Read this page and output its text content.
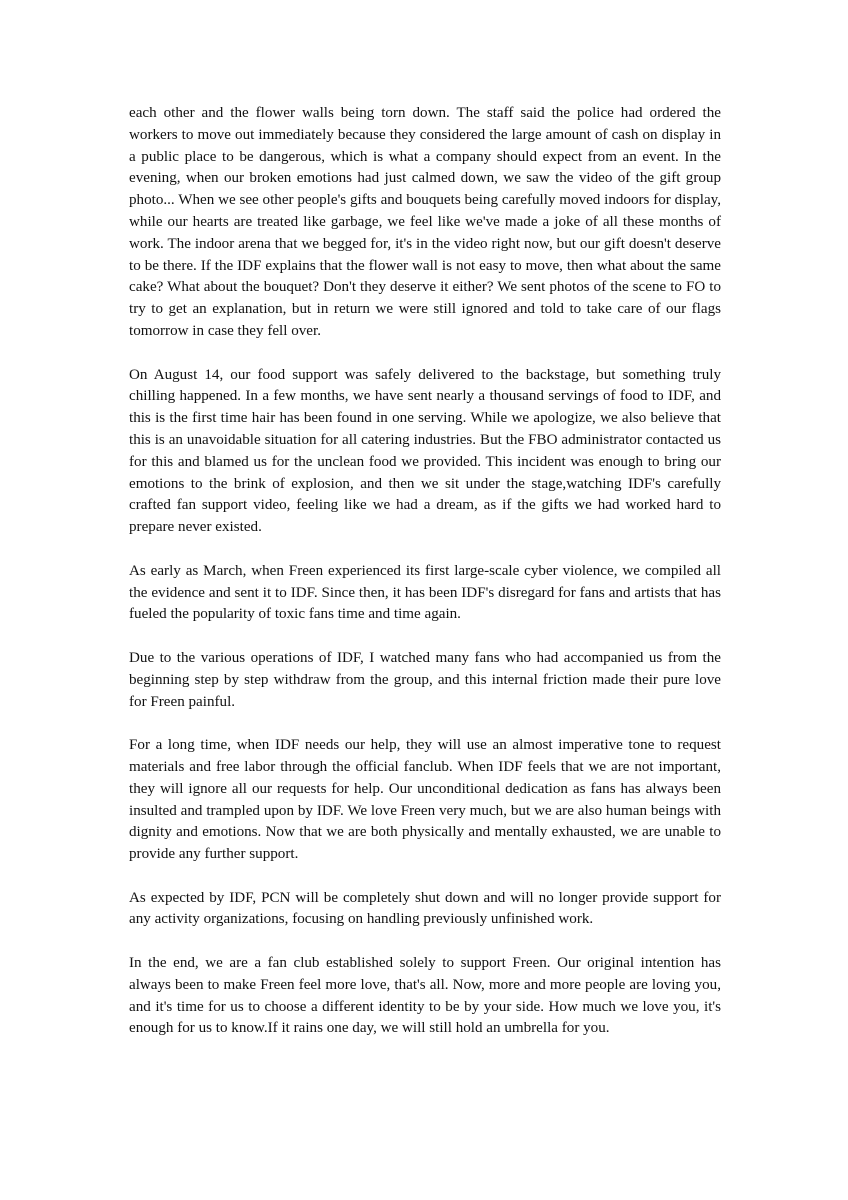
each other and the flower walls being torn down. The staff said the police had ordered the workers to move out immediately because they considered the large amount of cash on display in a public place to be dangerous, which is what a company should expect from an event. In the evening, when our broken emotions had just calmed down, we saw the video of the gift group photo... When we see other people's gifts and bouquets being carefully moved indoors for display, while our hearts are treated like garbage, we feel like we've made a joke of all these months of work. The indoor arena that we begged for, it's in the video right now, but our gift doesn't deserve to be there. If the IDF explains that the flower wall is not easy to move, then what about the same cake? What about the bouquet? Don't they deserve it either? We sent photos of the scene to FO to try to get an explanation, but in return we were still ignored and told to take care of our flags tomorrow in case they fell over.

On August 14, our food support was safely delivered to the backstage, but something truly chilling happened. In a few months, we have sent nearly a thousand servings of food to IDF, and this is the first time hair has been found in one serving. While we apologize, we also believe that this is an unavoidable situation for all catering industries. But the FBO administrator contacted us for this and blamed us for the unclean food we provided. This incident was enough to bring our emotions to the brink of explosion, and then we sit under the stage,watching IDF's carefully crafted fan support video, feeling like we had a dream, as if the gifts we had worked hard to prepare never existed.

As early as March, when Freen experienced its first large-scale cyber violence, we compiled all the evidence and sent it to IDF. Since then, it has been IDF's disregard for fans and artists that has fueled the popularity of toxic fans time and time again.

Due to the various operations of IDF, I watched many fans who had accompanied us from the beginning step by step withdraw from the group, and this internal friction made their pure love for Freen painful.

For a long time, when IDF needs our help, they will use an almost imperative tone to request materials and free labor through the official fanclub. When IDF feels that we are not important, they will ignore all our requests for help. Our unconditional dedication as fans has always been insulted and trampled upon by IDF. We love Freen very much, but we are also human beings with dignity and emotions. Now that we are both physically and mentally exhausted, we are unable to provide any further support.

As expected by IDF, PCN will be completely shut down and will no longer provide support for any activity organizations, focusing on handling previously unfinished work.

In the end, we are a fan club established solely to support Freen. Our original intention has always been to make Freen feel more love, that's all. Now, more and more people are loving you, and it's time for us to choose a different identity to be by your side. How much we love you, it's enough for us to know.If it rains one day, we will still hold an umbrella for you.
